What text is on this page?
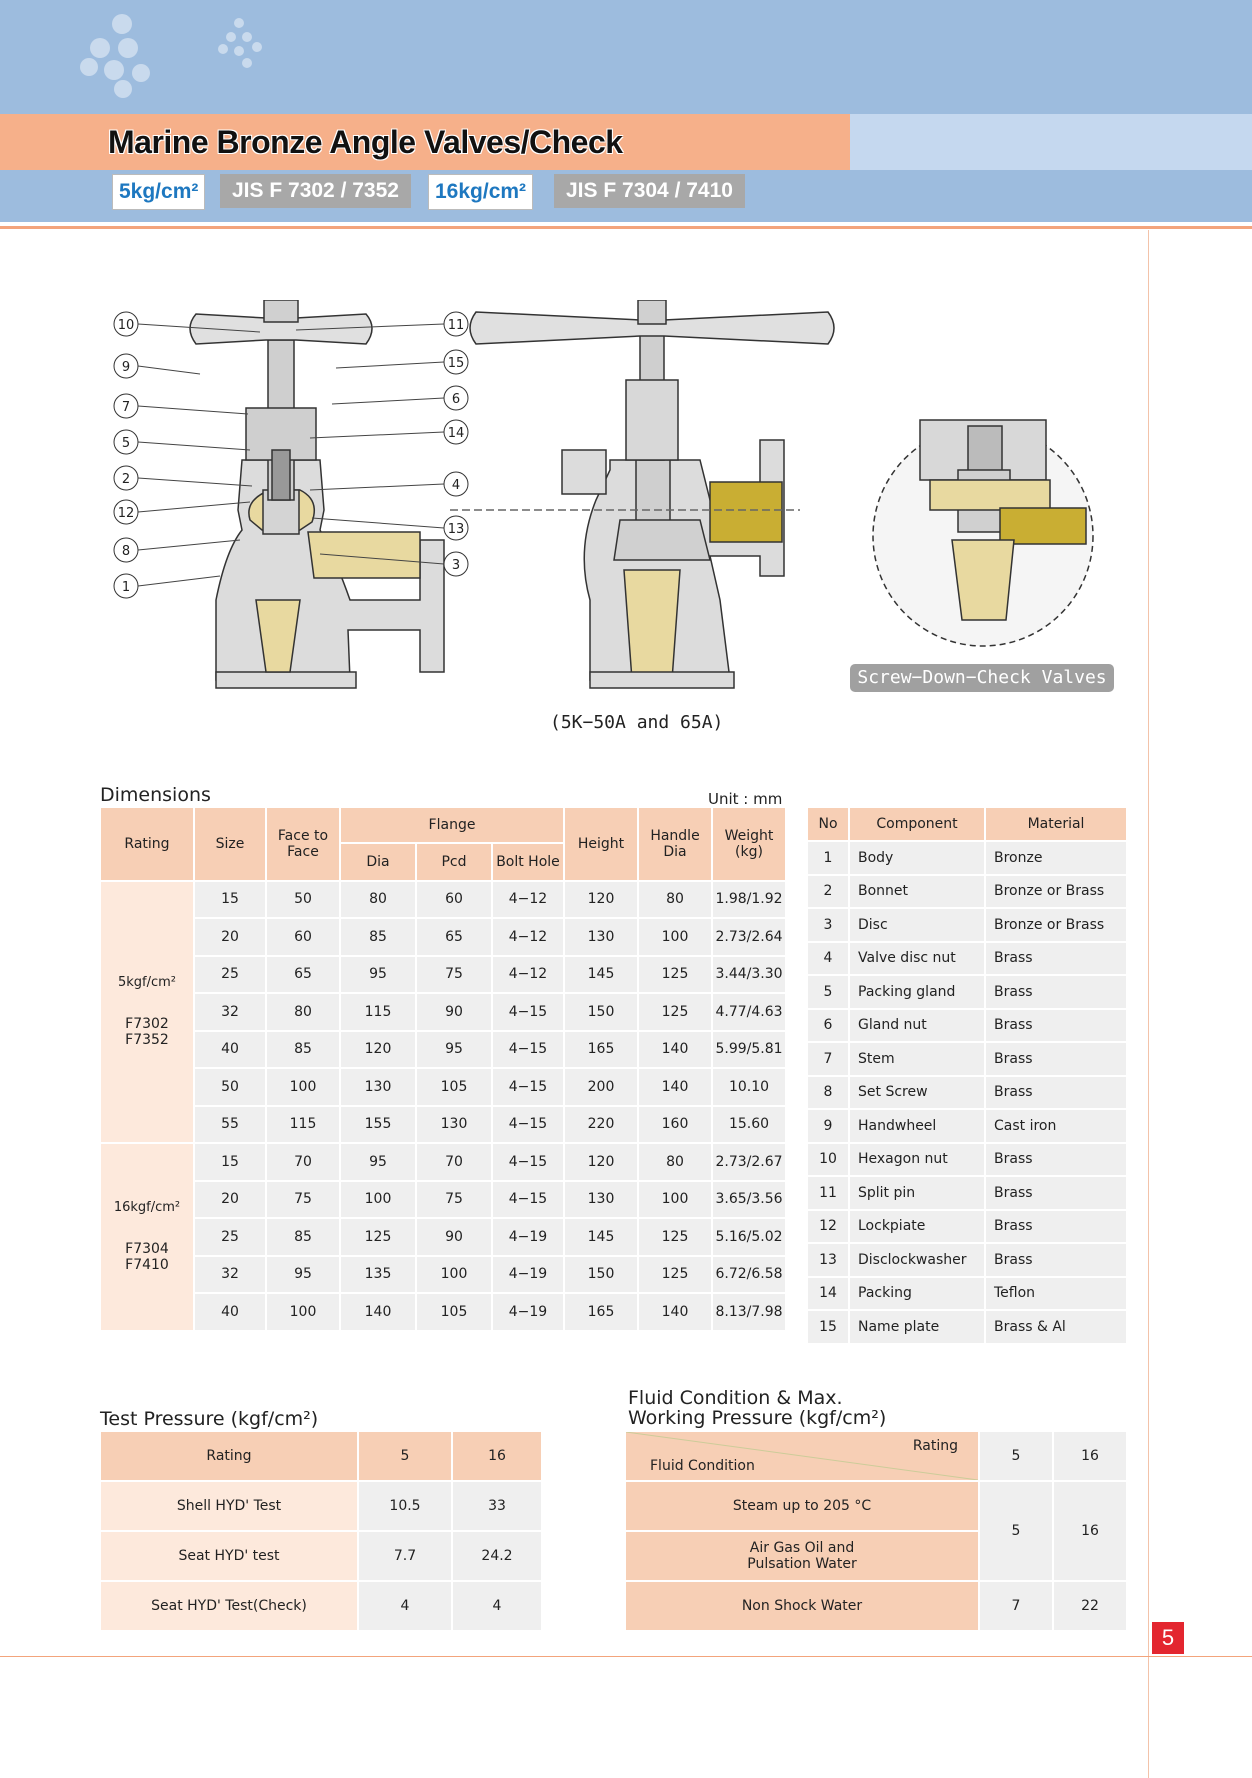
Marine Bronze Angle Valves/Check
5kg/cm²	JIS F 7302 / 7352	16kg/cm²	JIS F 7304 / 7410
10
9
7
5
2
12
8
1
11
15
6
14
4
13
3
(5K−50A and 65A)
Screw−Down−Check Valves
Dimensions	Unit : mm
Rating	Size	Face to Face	Flange			Height	Handle Dia	Weight (kg)
			Dia	Pcd	Bolt Hole			

5kgf/cm²
F7302
F7352	15	50	80	60	4−12	120	80	1.98/1.92
	20	60	85	65	4−12	130	100	2.73/2.64
	25	65	95	75	4−12	145	125	3.44/3.30
	32	80	115	90	4−15	150	125	4.77/4.63
	40	85	120	95	4−15	165	140	5.99/5.81
	50	100	130	105	4−15	200	140	10.10
	55	115	155	130	4−15	220	160	15.60

16kgf/cm²
F7304
F7410	15	70	95	70	4−15	120	80	2.73/2.67
	20	75	100	75	4−15	130	100	3.65/3.56
	25	85	125	90	4−19	145	125	5.16/5.02
	32	95	135	100	4−19	150	125	6.72/6.58
	40	100	140	105	4−19	165	140	8.13/7.98
No	Component	Material
1	Body	Bronze
2	Bonnet	Bronze or Brass
3	Disc	Bronze or Brass
4	Valve disc nut	Brass
5	Packing gland	Brass
6	Gland nut	Brass
7	Stem	Brass
8	Set Screw	Brass
9	Handwheel	Cast iron
10	Hexagon nut	Brass
11	Split pin	Brass
12	Lockpiate	Brass
13	Disclockwasher	Brass
14	Packing	Teflon
15	Name plate	Brass & Al
Test Pressure (kgf/cm²)
Rating	5	16
Shell HYD' Test	10.5	33
Seat HYD' test	7.7	24.2
Seat HYD' Test(Check)	4	4
Fluid Condition & Max.
Working Pressure (kgf/cm²)
Rating
Fluid Condition	5	16
Steam up to 205 °C	5	16

Air Gas Oil and
Pulsation Water		

Non Shock Water	7	22
5
